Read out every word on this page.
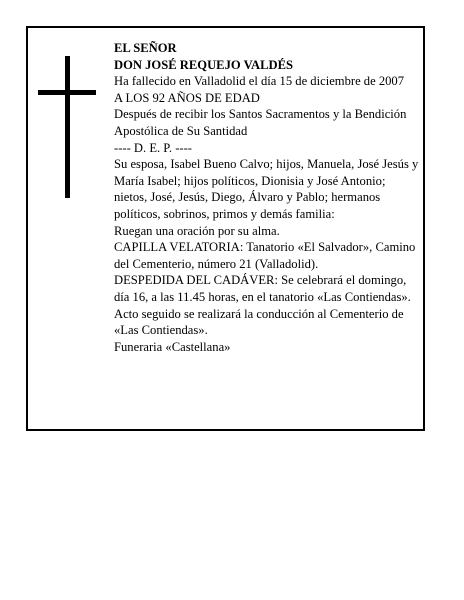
EL SEÑOR

DON JOSÉ REQUEJO VALDÉS

Ha fallecido en Valladolid el día 15 de diciembre de 2007

A LOS 92 AÑOS DE EDAD

Después de recibir los Santos Sacramentos y la Bendición Apostólica de Su Santidad

---- D. E. P. ----

Su esposa, Isabel Bueno Calvo; hijos, Manuela, José Jesús y María Isabel; hijos políticos, Dionisia y José Antonio; nietos, José, Jesús, Diego, Álvaro y Pablo; hermanos políticos, sobrinos, primos y demás familia:

Ruegan una oración por su alma.

CAPILLA VELATORIA: Tanatorio «El Salvador», Camino del Cementerio, número 21 (Valladolid).

DESPEDIDA DEL CADÁVER: Se celebrará el domingo, día 16, a las 11.45 horas, en el tanatorio «Las Contiendas». Acto seguido se realizará la conducción al Cementerio de «Las Contiendas».

Funeraria «Castellana»
